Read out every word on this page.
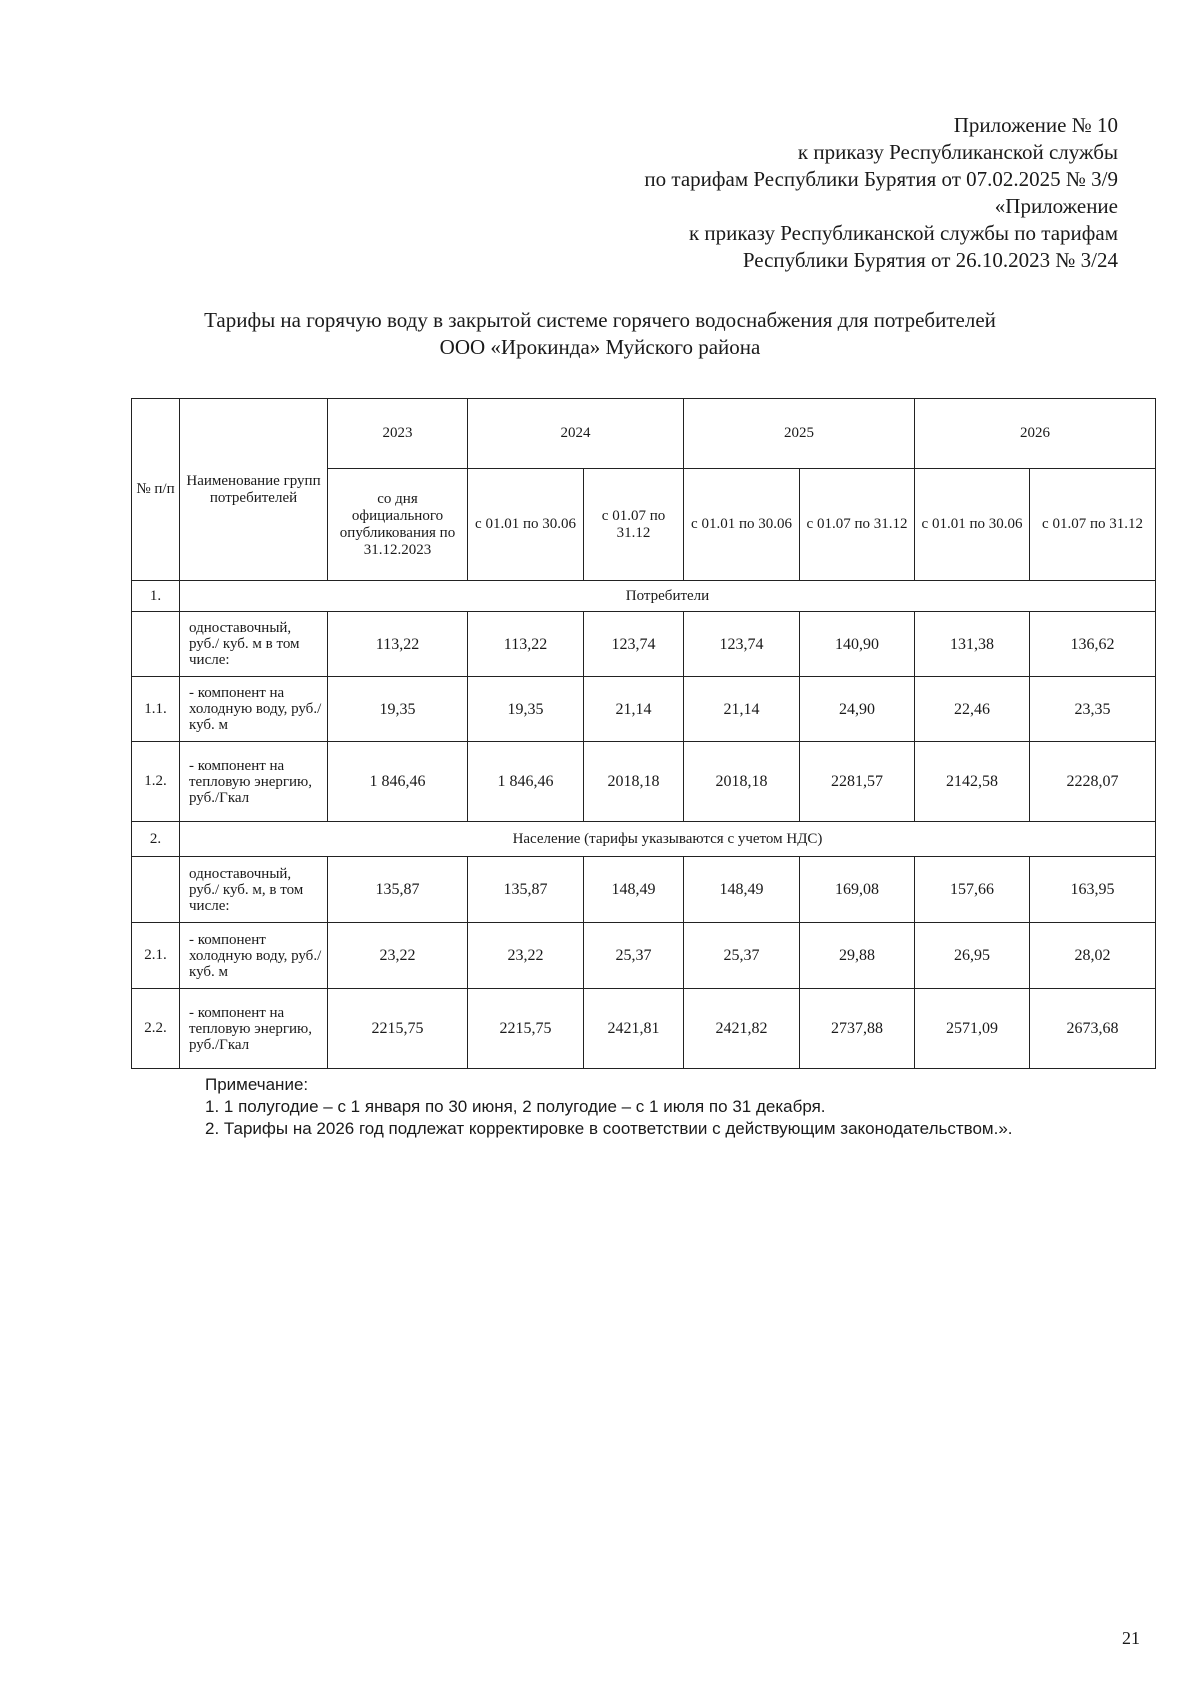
Приложение № 10
к приказу Республиканской службы
по тарифам Республики Бурятия от 07.02.2025 № 3/9
«Приложение
к приказу Республиканской службы по тарифам
Республики Бурятия от 26.10.2023 № 3/24
Тарифы на горячую воду в закрытой системе горячего водоснабжения для потребителей
ООО «Ирокинда» Муйского района
№ п/п	Наименование групп потребителей	2023	2024		2025		2026	
		со дня официального опубликования по 31.12.2023	с 01.01 по 30.06	с 01.07 по 31.12	с 01.01 по 30.06	с 01.07 по 31.12	с 01.01 по 30.06	с 01.07 по 31.12
1.	Потребители							
	одноставочный, руб./ куб. м в том числе:	113,22	113,22	123,74	123,74	140,90	131,38	136,62
1.1.	- компонент на холодную воду, руб./ куб. м	19,35	19,35	21,14	21,14	24,90	22,46	23,35
1.2.	- компонент на тепловую энергию, руб./Гкал	1 846,46	1 846,46	2018,18	2018,18	2281,57	2142,58	2228,07
2.	Население (тарифы указываются с учетом НДС)							
	одноставочный, руб./ куб. м, в том числе:	135,87	135,87	148,49	148,49	169,08	157,66	163,95
2.1.	- компонент холодную воду, руб./ куб. м	23,22	23,22	25,37	25,37	29,88	26,95	28,02
2.2.	- компонент на тепловую энергию, руб./Гкал	2215,75	2215,75	2421,81	2421,82	2737,88	2571,09	2673,68
Примечание:
1. 1 полугодие – с 1 января по 30 июня, 2 полугодие – с 1 июля по 31 декабря.
2. Тарифы на 2026 год подлежат корректировке в соответствии с действующим законодательством.».
21
